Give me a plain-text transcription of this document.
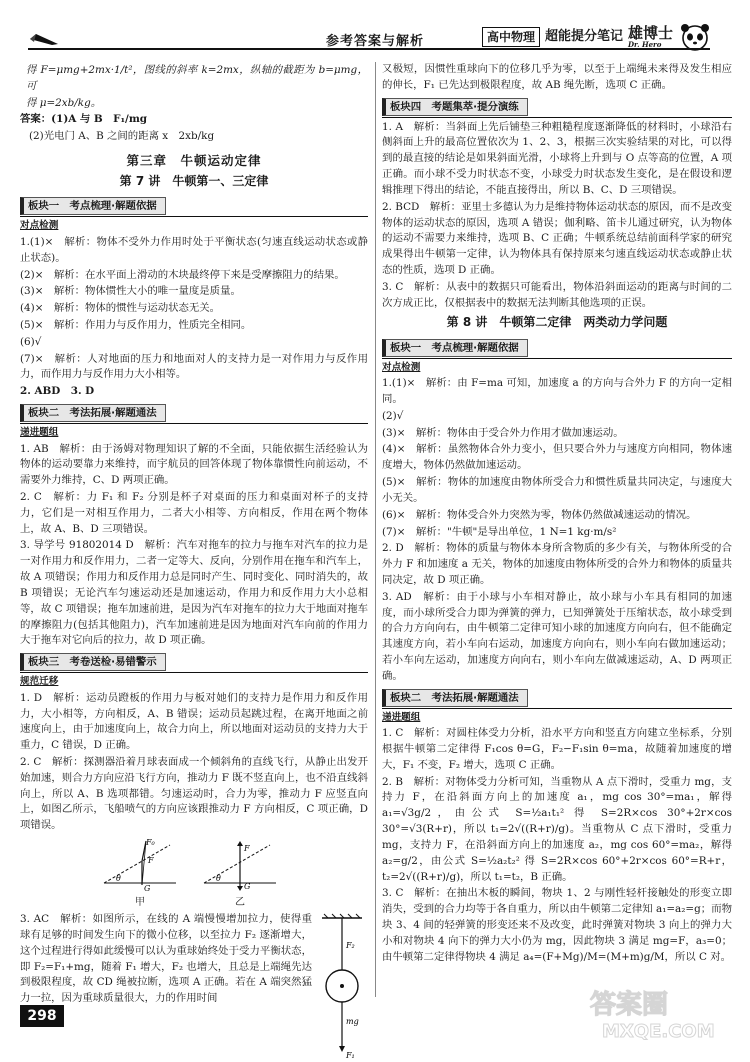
参考答案与解析	高中物理 超能提分笔记 雄博士
Dr. Hero
得 F=μmg+2mx·1/t²，图线的斜率 k=2mx，纵轴的截距为 b=μmg，可
得 μ=2xb/kg。
答案：(1)A 与 B　F₁/mg
(2)光电门 A、B 之间的距离 x　2xb/kg
第三章　牛顿运动定律
第 7 讲　牛顿第一、三定律
板块一　考点梳理·解题依据
对点检测
1.(1)×　解析：物体不受外力作用时处于平衡状态(匀速直线运动状态或静止状态)。
(2)×　解析：在水平面上滑动的木块最终停下来是受摩擦阻力的结果。
(3)×　解析：物体惯性大小的唯一量度是质量。
(4)×　解析：物体的惯性与运动状态无关。
(5)×　解析：作用力与反作用力，性质完全相同。
(6)√
(7)×　解析：人对地面的压力和地面对人的支持力是一对作用力与反作用力，而作用力与反作用力大小相等。
2. ABD　3. D
板块二　考法拓展·解题通法
递进题组
1. AB　解析：由于汤姆对物理知识了解的不全面，只能依据生活经验认为物体的运动要靠力来维持，而宇航员的回答体现了物体靠惯性向前运动，不需要外力维持，C、D 两项正确。
2. C　解析：力 F₁ 和 F₂ 分别是杯子对桌面的压力和桌面对杯子的支持力，它们是一对相互作用力，二者大小相等、方向相反，作用在两个物体上，故 A、B、D 三项错误。
3. 导学号 91802014 D　解析：汽车对拖车的拉力与拖车对汽车的拉力是一对作用力和反作用力，二者一定等大、反向，分别作用在拖车和汽车上，故 A 项错误；作用力和反作用力总是同时产生、同时变化、同时消失的，故 B 项错误；无论汽车匀速运动还是加速运动，作用力和反作用力大小总相等，故 C 项错误；拖车加速前进，是因为汽车对拖车的拉力大于地面对拖车的摩擦阻力(包括其他阻力)，汽车加速前进是因为地面对汽车向前的作用力大于拖车对它向后的拉力，故 D 项正确。
板块三　考卷送检·易错警示
规范迁移
1. D　解析：运动员蹬板的作用力与板对她们的支持力是作用力和反作用力，大小相等，方向相反，A、B 错误；运动员起跳过程，在离开地面之前速度向上，由于加速度向上，故合力向上，所以地面对运动员的支持力大于重力，C 错误，D 正确。
2. C　解析：探测器沿着月球表面成一个倾斜角的直线飞行，从静止出发开始加速，则合力方向应沿飞行方向，推动力 F 既不竖直向上，也不沿直线斜向上，所以 A、B 选项都错。匀速运动时，合力为零，推动力 F 应竖直向上，如图乙所示，飞船喷气的方向应该跟推动力 F 方向相反，C 项正确，D 项错误。
F₀
F
G
θ
甲
F
G
θ
乙
3. AC　解析：如图所示，在线的 A 端慢慢增加拉力，使得重球有足够的时间发生向下的微小位移，以至拉力 F₂ 逐渐增大，这个过程进行得如此缓慢可以认为重球始终处于受力平衡状态，即 F₂=F₁+mg，随着 F₁ 增大，F₂ 也增大，且总是上端绳先达到极限程度，故 CD 绳被拉断，选项 A 正确。若在 A 端突然猛力一拉，因为重球质量很大，力的作用时间
F₂
mg
F₁
又极短，因惯性重球向下的位移几乎为零，以至于上端绳未来得及发生相应的伸长，F₁ 已先达到极限程度，故 AB 绳先断，选项 C 正确。
板块四　考题集萃·提分演练
1. A　解析：当斜面上先后铺垫三种粗糙程度逐渐降低的材料时，小球沿右侧斜面上升的最高位置依次为 1、2、3，根据三次实验结果的对比，可以得到的最直接的结论是如果斜面光滑，小球将上升到与 O 点等高的位置，A 项正确。而小球不受力时状态不变，小球受力时状态发生变化，是在假设和逻辑推理下得出的结论，不能直接得出，所以 B、C、D 三项错误。
2. BCD　解析：亚里士多德认为力是维持物体运动状态的原因，而不是改变物体的运动状态的原因，选项 A 错误；伽利略、笛卡儿通过研究，认为物体的运动不需要力来维持，选项 B、C 正确；牛顿系统总结前面科学家的研究成果得出牛顿第一定律，认为物体具有保持原来匀速直线运动状态或静止状态的性质，选项 D 正确。
3. C　解析：从表中的数据只可能看出，物体沿斜面运动的距离与时间的二次方成正比，仅根据表中的数据无法判断其他选项的正误。
第 8 讲　牛顿第二定律　两类动力学问题
板块一　考点梳理·解题依据
对点检测
1.(1)×　解析：由 F=ma 可知，加速度 a 的方向与合外力 F 的方向一定相同。
(2)√
(3)×　解析：物体由于受合外力作用才做加速运动。
(4)×　解析：虽然物体合外力变小，但只要合外力与速度方向相同，物体速度增大，物体仍然做加速运动。
(5)×　解析：物体的加速度由物体所受合力和惯性质量共同决定，与速度大小无关。
(6)×　解析：物体受合外力突然为零，物体仍然做减速运动的情况。
(7)×　解析："牛顿"是导出单位，1 N=1 kg·m/s²
2. D　解析：物体的质量与物体本身所含物质的多少有关，与物体所受的合外力 F 和加速度 a 无关，物体的加速度由物体所受的合外力和物体的质量共同决定，故 D 项正确。
3. AD　解析：由于小球与小车相对静止，故小球与小车具有相同的加速度，而小球所受合力即为弹簧的弹力，已知弹簧处于压缩状态，故小球受到的合力方向向右，由牛顿第二定律可知小球的加速度方向向右，但不能确定其速度方向，若小车向右运动，加速度方向向右，则小车向右做加速运动；若小车向左运动，加速度方向向右，则小车向左做减速运动，A、D 两项正确。
板块二　考法拓展·解题通法
递进题组
1. C　解析：对圆柱体受力分析，沿水平方向和竖直方向建立坐标系，分别根据牛顿第二定律得 F₁cos θ=G，F₂−F₁sin θ=ma，故随着加速度的增大，F₁ 不变，F₂ 增大，选项 C 正确。
2. B　解析：对物体受力分析可知，当重物从 A 点下滑时，受重力 mg，支持力 F，在沿斜面方向上的加速度 a₁，mg cos 30°=ma₁，解得 a₁=√3g/2，由公式 S=½a₁t₁² 得 S=2R×cos 30°+2r×cos 30°=√3(R+r)，所以 t₁=2√((R+r)/g)。当重物从 C 点下滑时，受重力 mg，支持力 F，在沿斜面方向上的加速度 a₂，mg cos 60°=ma₂，解得 a₂=g/2，由公式 S=½a₂t₂² 得 S=2R×cos 60°+2r×cos 60°=R+r，t₂=2√((R+r)/g)，所以 t₁=t₂，B 正确。
3. C　解析：在抽出木板的瞬间，物块 1、2 与刚性轻杆接触处的形变立即消失，受到的合力均等于各自重力，所以由牛顿第二定律知 a₁=a₂=g；而物块 3、4 间的轻弹簧的形变还来不及改变，此时弹簧对物块 3 向上的弹力大小和对物块 4 向下的弹力大小仍为 mg，因此物块 3 满足 mg=F，a₃=0；由牛顿第二定律得物块 4 满足 a₄=(F+Mg)/M=(M+m)g/M，所以 C 对。
298	答案圈
MXQE.COM
